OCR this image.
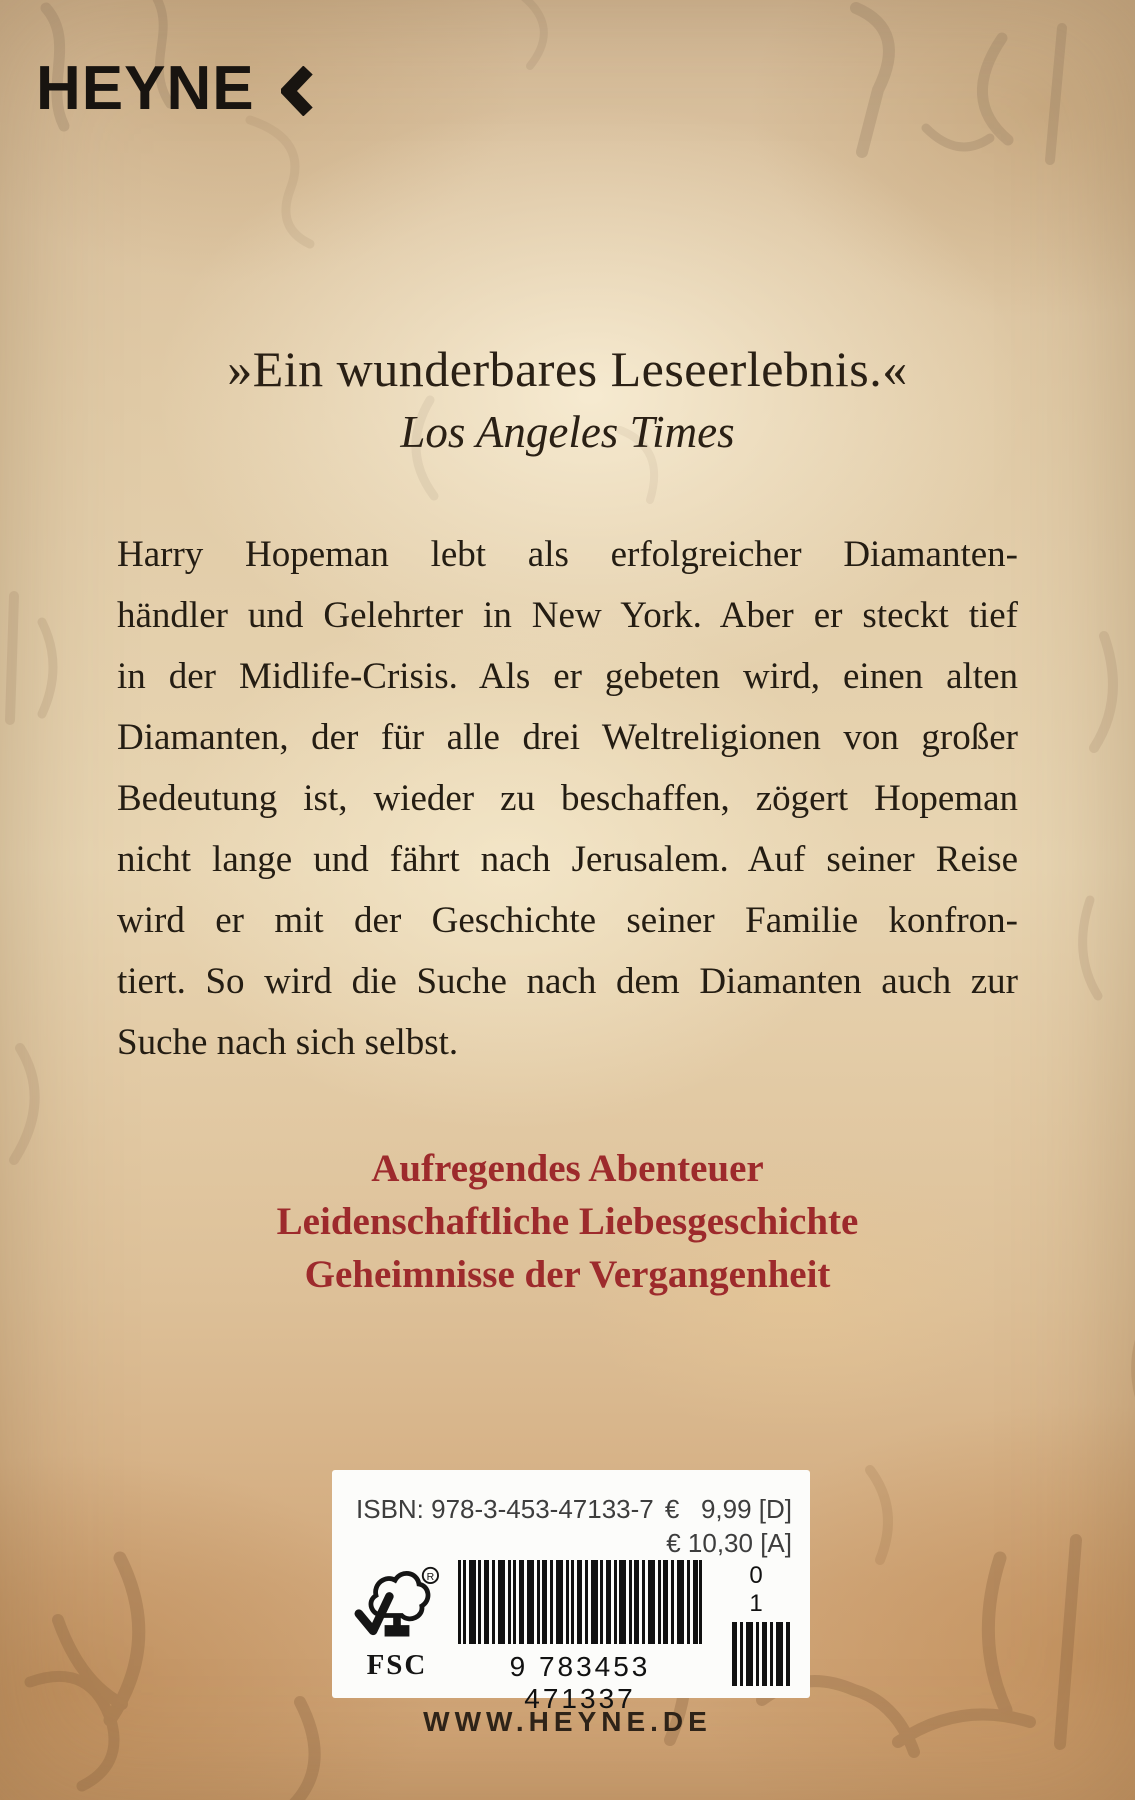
HEYNE
»Ein wunderbares Leseerlebnis.«
Los Angeles Times
Harry Hopeman lebt als erfolgreicher Diamanten-
händler und Gelehrter in New York. Aber er steckt tief
in der Midlife-Crisis. Als er gebeten wird, einen alten
Diamanten, der für alle drei Weltreligionen von großer
Bedeutung ist, wieder zu beschaffen, zögert Hopeman
nicht lange und fährt nach Jerusalem. Auf seiner Reise
wird er mit der Geschichte seiner Familie konfron-
tiert. So wird die Suche nach dem Diamanten auch zur
Suche nach sich selbst.
Aufregendes Abenteuer
Leidenschaftliche Liebesgeschichte
Geheimnisse der Vergangenheit
ISBN: 978-3-453-47133-7 €   9,99 [D]
€ 10,30 [A]
R
FSC	9 783453 471337
0 1
WWW.HEYNE.DE
